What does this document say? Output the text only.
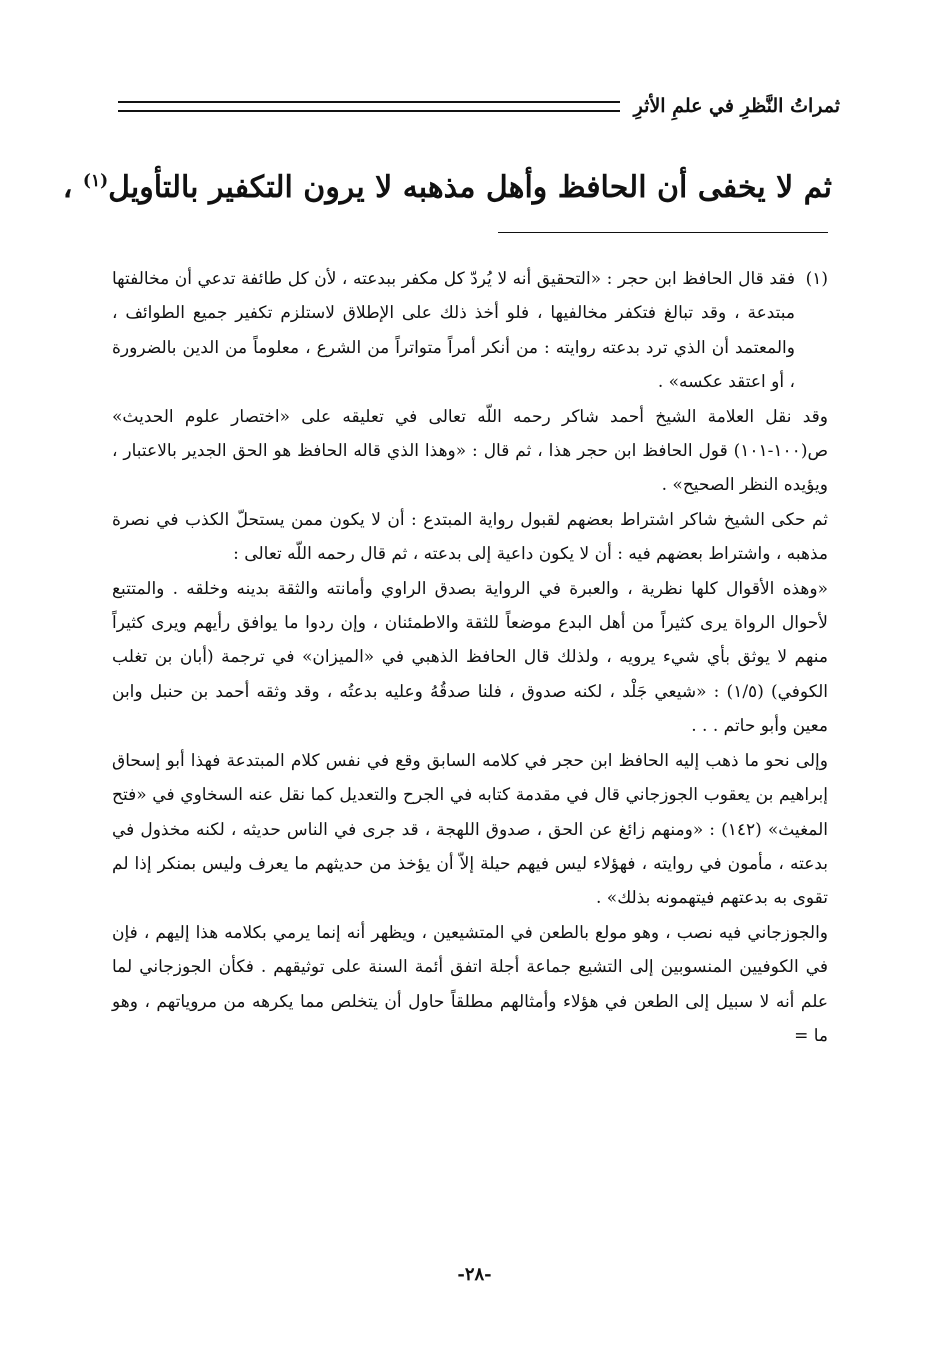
ثمراتُ النَّظرِ في علمِ الأثرِ
ثم لا يخفى أن الحافظ وأهل مذهبه لا يرون التكفير بالتأويل$^{(١)}$ ،

(١)فقد قال الحافظ ابن حجر : «التحقيق أنه لا يُردّ كل مكفر ببدعته ، لأن كل طائفة تدعي أن مخالفتها مبتدعة ، وقد تبالغ فتكفر مخالفيها ، فلو أخذ ذلك على الإطلاق لاستلزم تكفير جميع الطوائف ، والمعتمد أن الذي ترد بدعته روايته : من أنكر أمراً متواتراً من الشرع ، معلوماً من الدين بالضرورة ، أو اعتقد عكسه» .

وقد نقل العلامة الشيخ أحمد شاكر رحمه اللّه تعالى في تعليقه على «اختصار علوم الحديث» ص(١٠٠-١٠١) قول الحافظ ابن حجر هذا ، ثم قال : «وهذا الذي قاله الحافظ هو الحق الجدير بالاعتبار ، ويؤيده النظر الصحيح» .

ثم حكى الشيخ شاكر اشتراط بعضهم لقبول رواية المبتدع : أن لا يكون ممن يستحلّ الكذب في نصرة مذهبه ، واشتراط بعضهم فيه : أن لا يكون داعية إلى بدعته ، ثم قال رحمه اللّه تعالى :

«وهذه الأقوال كلها نظرية ، والعبرة في الرواية بصدق الراوي وأمانته والثقة بدينه وخلقه . والمتتبع لأحوال الرواة يرى كثيراً من أهل البدع موضعاً للثقة والاطمئنان ، وإن ردوا ما يوافق رأيهم ويرى كثيراً منهم لا يوثق بأي شيء يرويه ، ولذلك قال الحافظ الذهبي في «الميزان» في ترجمة (أبان بن تغلب الكوفي) (١/٥) : «شيعي جَلْد ، لكنه صدوق ، فلنا صدقُهُ وعليه بدعتُه ، وقد وثقه أحمد بن حنبل وابن معين وأبو حاتم . . .

وإلى نحو ما ذهب إليه الحافظ ابن حجر في كلامه السابق وقع في نفس كلام المبتدعة فهذا أبو إسحاق إبراهيم بن يعقوب الجوزجاني قال في مقدمة كتابه في الجرح والتعديل كما نقل عنه السخاوي في «فتح المغيث» (١٤٢) : «ومنهم زائغ عن الحق ، صدوق اللهجة ، قد جرى في الناس حديثه ، لكنه مخذول في بدعته ، مأمون في روايته ، فهؤلاء ليس فيهم حيلة إلاّ أن يؤخذ من حديثهم ما يعرف وليس بمنكر إذا لم تقوى به بدعتهم فيتهمونه بذلك» .

والجوزجاني فيه نصب ، وهو مولع بالطعن في المتشيعين ، ويظهر أنه إنما يرمي بكلامه هذا إليهم ، فإن في الكوفيين المنسوبين إلى التشيع جماعة أجلة اتفق أئمة السنة على توثيقهم . فكأن الجوزجاني لما علم أنه لا سبيل إلى الطعن في هؤلاء وأمثالهم مطلقاً حاول أن يتخلص مما يكرهه من مروياتهم ، وهو ما =

-٢٨-
